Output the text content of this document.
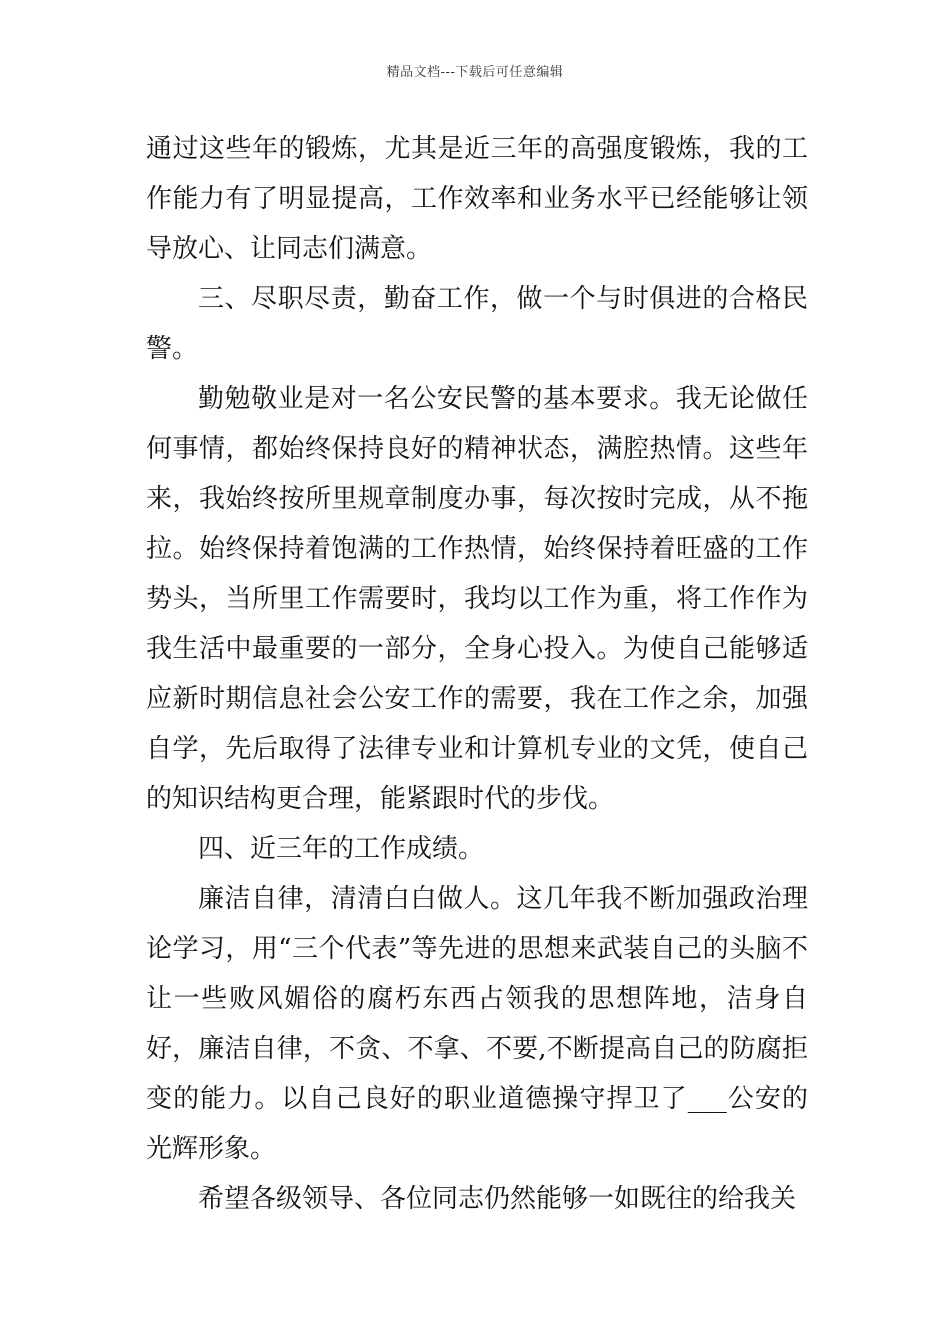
精品文档---下载后可任意编辑

通过这些年的锻炼，尤其是近三年的高强度锻炼，我的工作能力有了明显提高，工作效率和业务水平已经能够让领导放心、让同志们满意。

三、尽职尽责，勤奋工作，做一个与时俱进的合格民警。

勤勉敬业是对一名公安民警的基本要求。我无论做任何事情，都始终保持良好的精神状态，满腔热情。这些年来，我始终按所里规章制度办事，每次按时完成，从不拖拉。始终保持着饱满的工作热情，始终保持着旺盛的工作势头，当所里工作需要时，我均以工作为重，将工作作为我生活中最重要的一部分，全身心投入。为使自己能够适应新时期信息社会公安工作的需要，我在工作之余，加强自学，先后取得了法律专业和计算机专业的文凭，使自己的知识结构更合理，能紧跟时代的步伐。

四、近三年的工作成绩。

廉洁自律，清清白白做人。这几年我不断加强政治理论学习，用“三个代表”等先进的思想来武装自己的头脑不让一些败风媚俗的腐朽东西占领我的思想阵地，洁身自好，廉洁自律，不贪、不拿、不要,不断提高自己的防腐拒变的能力。以自己良好的职业道德操守捍卫了___公安的光辉形象。

希望各级领导、各位同志仍然能够一如既往的给我关
